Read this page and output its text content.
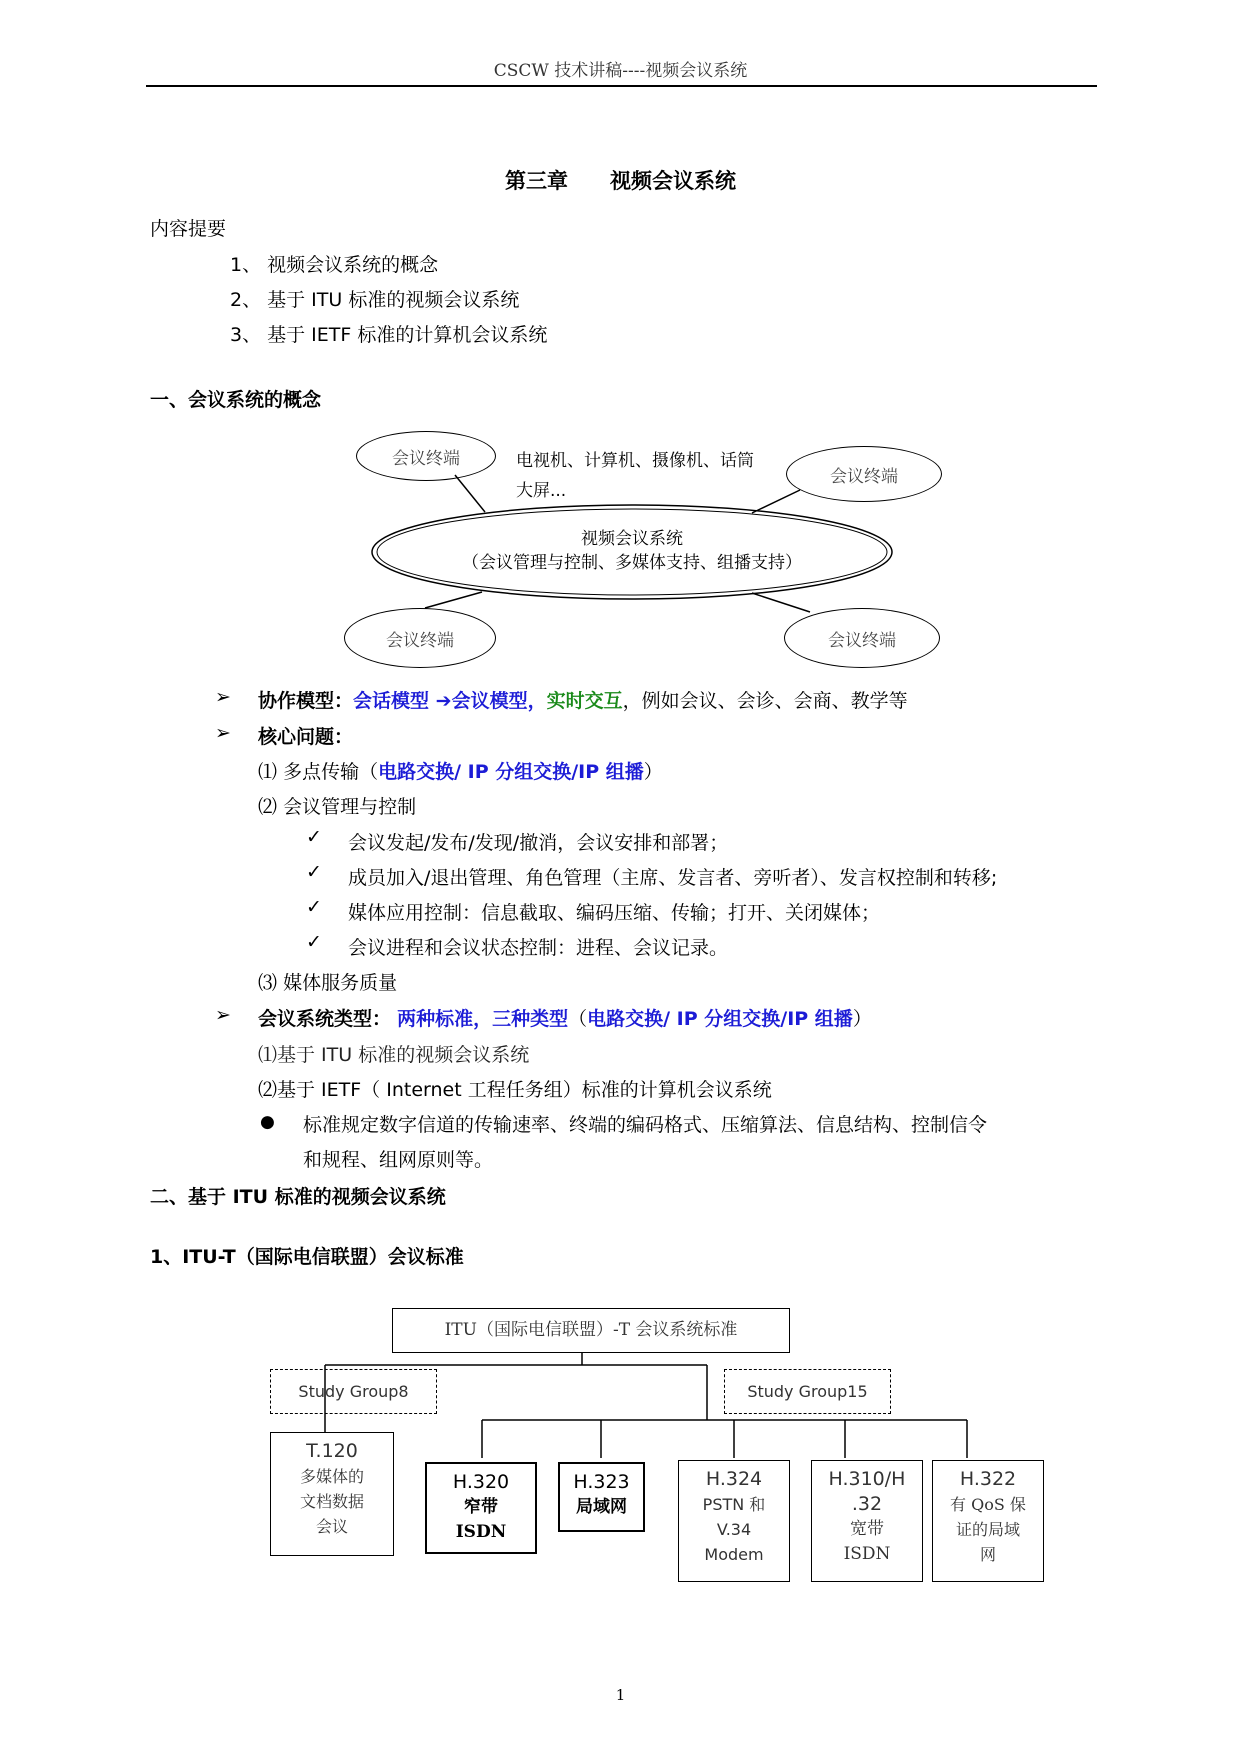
CSCW 技术讲稿----视频会议系统
第三章　　视频会议系统
内容提要
1、 视频会议系统的概念
2、 基于 ITU 标准的视频会议系统
3、 基于 IETF 标准的计算机会议系统
一、会议系统的概念
会议终端
会议终端
会议终端	会议终端
电视机、计算机、摄像机、话筒
大屏...
视频会议系统
（会议管理与控制、多媒体支持、组播支持）
➢ 协作模型：会话模型 ➔会议模型，实时交互，例如会议、会诊、会商、教学等
➢ 核心问题：
⑴ 多点传输（电路交换/ IP 分组交换/IP 组播）
⑵ 会议管理与控制
✓ 会议发起/发布/发现/撤消，会议安排和部署；
✓ 成员加入/退出管理、角色管理（主席、发言者、旁听者）、发言权控制和转移;
✓ 媒体应用控制：信息截取、编码压缩、传输；打开、关闭媒体；
✓ 会议进程和会议状态控制：进程、会议记录。
⑶ 媒体服务质量
➢ 会议系统类型： 两种标准，三种类型（电路交换/ IP 分组交换/IP 组播）
⑴基于 ITU 标准的视频会议系统
⑵基于 IETF（ Internet 工程任务组）标准的计算机会议系统
● 标准规定数字信道的传输速率、终端的编码格式、压缩算法、信息结构、控制信令
和规程、组网原则等。
二、基于 ITU 标准的视频会议系统
1、ITU-T（国际电信联盟）会议标准
ITU（国际电信联盟）-T 会议系统标准
Study Group8	Study Group15
T.120
多媒体的
文档数据
会议
H.320
窄带
ISDN
H.323
局域网
H.324
PSTN 和
V.34
Modem
H.310/H
.32
宽带
ISDN
H.322
有 QoS 保
证的局域
网
1
